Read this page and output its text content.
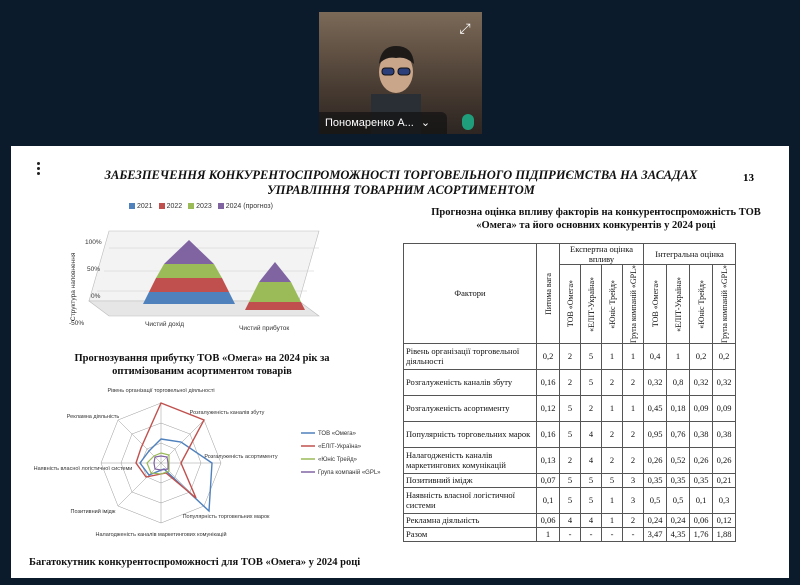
⤢
Пономаренко А... ⌄
ЗАБЕЗПЕЧЕННЯ КОНКУРЕНТОСПРОМОЖНОСТІ ТОРГОВЕЛЬНОГО ПІДПРИЄМСТВА НА ЗАСАДАХ УПРАВЛІННЯ ТОВАРНИМ АСОРТИМЕНТОМ
13
2021	2022	2023	2024 (прогноз)
Структура наповнення
100%
50%
0%
-50%	Чистий дохід
Чистий прибуток
Прогнозування прибутку ТОВ «Омега» на 2024 рік за оптимізованим асортиментом товарів
Рівень організації торговельної діяльності
Розгалуженість каналів збуту
Розгалуженість асортименту
Популярність торговельних марок
Налагодженість каналів маркетингових комунікацій
Позитивний імідж
Наявність власної логістичної системи
Рекламна діяльність
ТОВ «Омега»
«ЕЛІТ-Україна»
«Юніс Трейд»
Група компаній «GPL»
Багатокутник конкурентоспроможності для ТОВ «Омега» у 2024 році
Прогнозна оцінка впливу факторів на конкурентоспроможність ТОВ «Омега» та його основних конкурентів у 2024 році
Фактори	Питома вага	Експертна оцінка впливу				Інтегральна оцінка			

		ТОВ «Омега»	«ЕЛІТ-Україна»	«Юніс Трейд»	Група компаній «GPL»	ТОВ «Омега»	«ЕЛІТ-Україна»	«Юніс Трейд»	Група компаній «GPL»

Рівень організації торговельної діяльності	0,2	2	5	1	1	0,4	1	0,2	0,2
Розгалуженість каналів збуту	0,16	2	5	2	2	0,32	0,8	0,32	0,32
Розгалуженість асортименту	0,12	5	2	1	1	0,45	0,18	0,09	0,09
Популярність торговельних марок	0,16	5	4	2	2	0,95	0,76	0,38	0,38
Налагодженість каналів маркетингових комунікацій	0,13	2	4	2	2	0,26	0,52	0,26	0,26
Позитивний імідж	0,07	5	5	5	3	0,35	0,35	0,35	0,21
Наявність власної логістичної системи	0,1	5	5	1	3	0,5	0,5	0,1	0,3
Рекламна діяльність	0,06	4	4	1	2	0,24	0,24	0,06	0,12
Разом	1	-	-	-	-	3,47	4,35	1,76	1,88
